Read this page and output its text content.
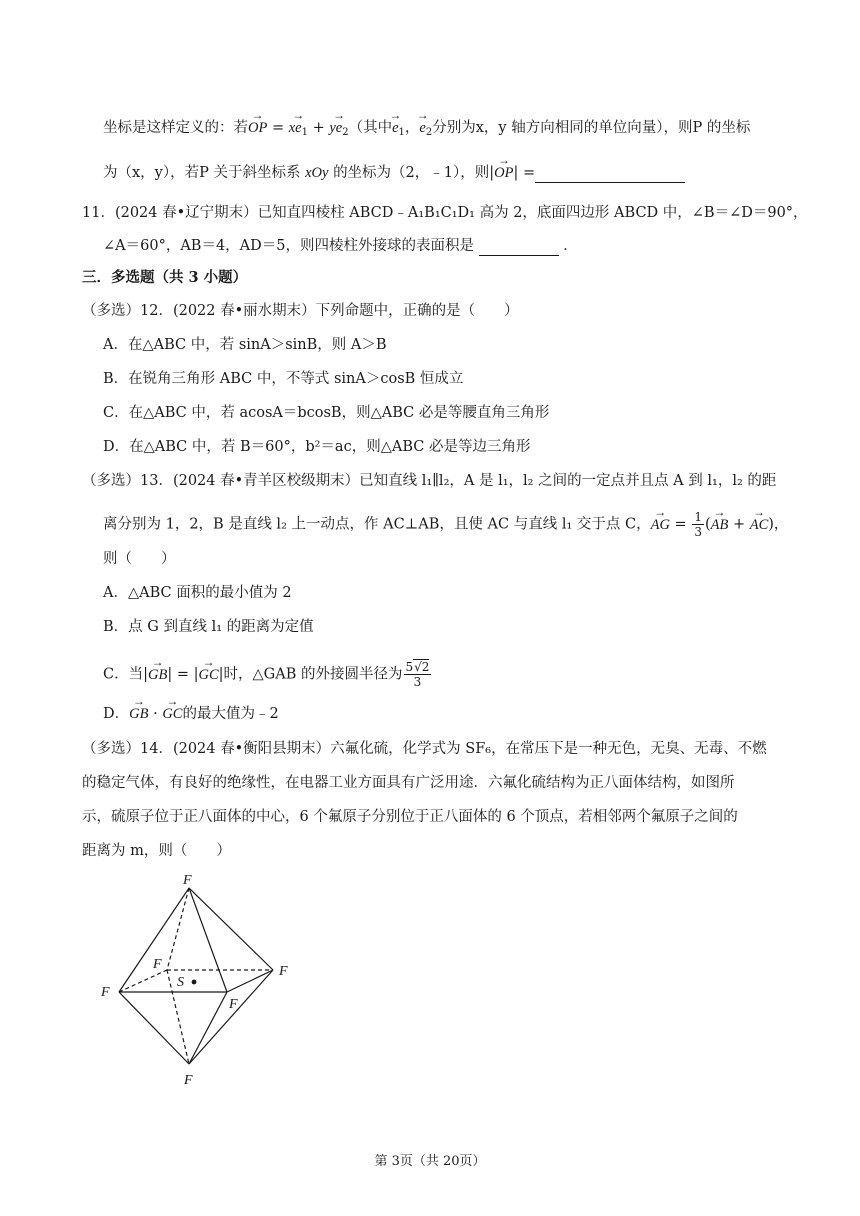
坐标是这样定义的：若→ OP = $x\to e_1 + y\to e_2$（其中→ $e_1$，→ $e_2$分别为x，y 轴方向相同的单位向量），则P 的坐标
为（x，y），若P 关于斜坐标系 xOy 的坐标为（2，﹣1），则|→ OP| =
11．(2024 春•辽宁期末）已知直四棱柱 ABCD﹣A₁B₁C₁D₁ 高为 2，底面四边形 ABCD 中，∠B＝∠D＝90°，
∠A＝60°，AB＝4，AD＝5，则四棱柱外接球的表面积是	．
三．多选题（共 3 小题）
（多选）12．(2022 春•丽水期末）下列命题中，正确的是（　　）
A．在△ABC 中，若 sinA＞sinB，则 A＞B
B．在锐角三角形 ABC 中，不等式 sinA＞cosB 恒成立
C．在△ABC 中，若 acosA＝bcosB，则△ABC 必是等腰直角三角形
D．在△ABC 中，若 B＝60°，b²＝ac，则△ABC 必是等边三角形
（多选）13．(2024 春•青羊区校级期末）已知直线 l₁∥l₂，A 是 l₁，l₂ 之间的一定点并且点 A 到 l₁，l₂ 的距
离分别为 1，2，B 是直线 l₂ 上一动点，作 AC⊥AB，且使 AC 与直线 l₁ 交于点 C，→ AG = $\frac{1}{3}$ (→ AB + → AC)，
则（　　）
A．△ABC 面积的最小值为 2
B．点 G 到直线 l₁ 的距离为定值
C．当|→ GB| = |→ GC|时，△GAB 的外接圆半径为 $\frac{5√2}{3}$
D．→ GB · → GC的最大值为﹣2
（多选）14．(2024 春•衡阳县期末）六氟化硫，化学式为 SF₆，在常压下是一种无色，无臭、无毒、不燃
的稳定气体，有良好的绝缘性，在电器工业方面具有广泛用途．六氟化硫结构为正八面体结构，如图所
示，硫原子位于正八面体的中心，6 个氟原子分别位于正八面体的 6 个顶点，若相邻两个氟原子之间的
距离为 m，则（　　）
F
F	F
F
F
F
S
第 3页（共 20页）
